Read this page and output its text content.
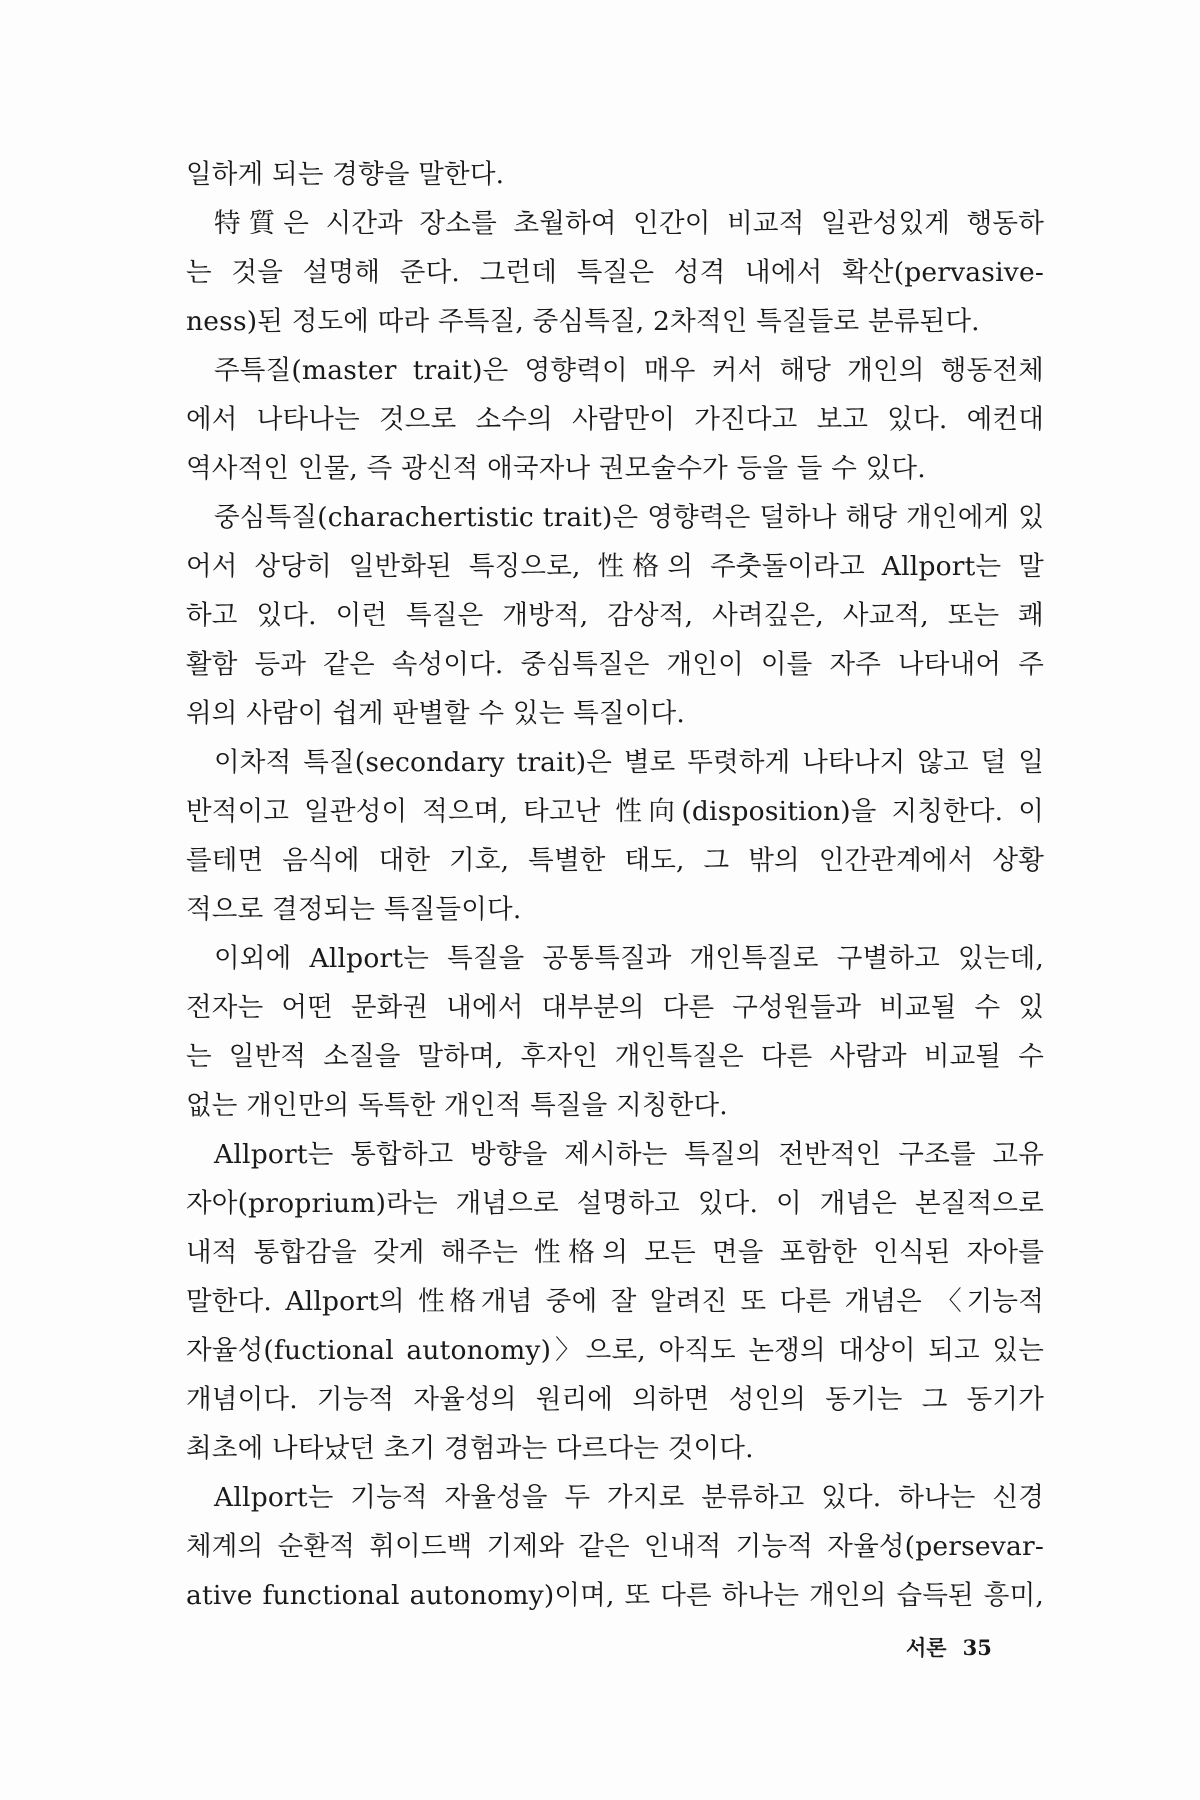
일하게 되는 경향을 말한다.
特質은 시간과 장소를 초월하여 인간이 비교적 일관성있게 행동하
는 것을 설명해 준다. 그런데 특질은 성격 내에서 확산(pervasive-
ness)된 정도에 따라 주특질, 중심특질, 2차적인 특질들로 분류된다.
주특질(master trait)은 영향력이 매우 커서 해당 개인의 행동전체
에서 나타나는 것으로 소수의 사람만이 가진다고 보고 있다. 예컨대
역사적인 인물, 즉 광신적 애국자나 권모술수가 등을 들 수 있다.
중심특질(charachertistic trait)은 영향력은 덜하나 해당 개인에게 있
어서 상당히 일반화된 특징으로, 性格의 주춧돌이라고 Allport는 말
하고 있다. 이런 특질은 개방적, 감상적, 사려깊은, 사교적, 또는 쾌
활함 등과 같은 속성이다. 중심특질은 개인이 이를 자주 나타내어 주
위의 사람이 쉽게 판별할 수 있는 특질이다.
이차적 특질(secondary trait)은 별로 뚜렷하게 나타나지 않고 덜 일
반적이고 일관성이 적으며, 타고난 性向(disposition)을 지칭한다. 이
를테면 음식에 대한 기호, 특별한 태도, 그 밖의 인간관계에서 상황
적으로 결정되는 특질들이다.
이외에 Allport는 특질을 공통특질과 개인특질로 구별하고 있는데,
전자는 어떤 문화권 내에서 대부분의 다른 구성원들과 비교될 수 있
는 일반적 소질을 말하며, 후자인 개인특질은 다른 사람과 비교될 수
없는 개인만의 독특한 개인적 특질을 지칭한다.
Allport는 통합하고 방향을 제시하는 특질의 전반적인 구조를 고유
자아(proprium)라는 개념으로 설명하고 있다. 이 개념은 본질적으로
내적 통합감을 갖게 해주는 性格의 모든 면을 포함한 인식된 자아를
말한다. Allport의 性格개념 중에 잘 알려진 또 다른 개념은 〈기능적
자율성(fuctional autonomy)〉으로, 아직도 논쟁의 대상이 되고 있는
개념이다. 기능적 자율성의 원리에 의하면 성인의 동기는 그 동기가
최초에 나타났던 초기 경험과는 다르다는 것이다.
Allport는 기능적 자율성을 두 가지로 분류하고 있다. 하나는 신경
체계의 순환적 휘이드백 기제와 같은 인내적 기능적 자율성(persevar-
ative functional autonomy)이며, 또 다른 하나는 개인의 습득된 흥미,
서론 35
